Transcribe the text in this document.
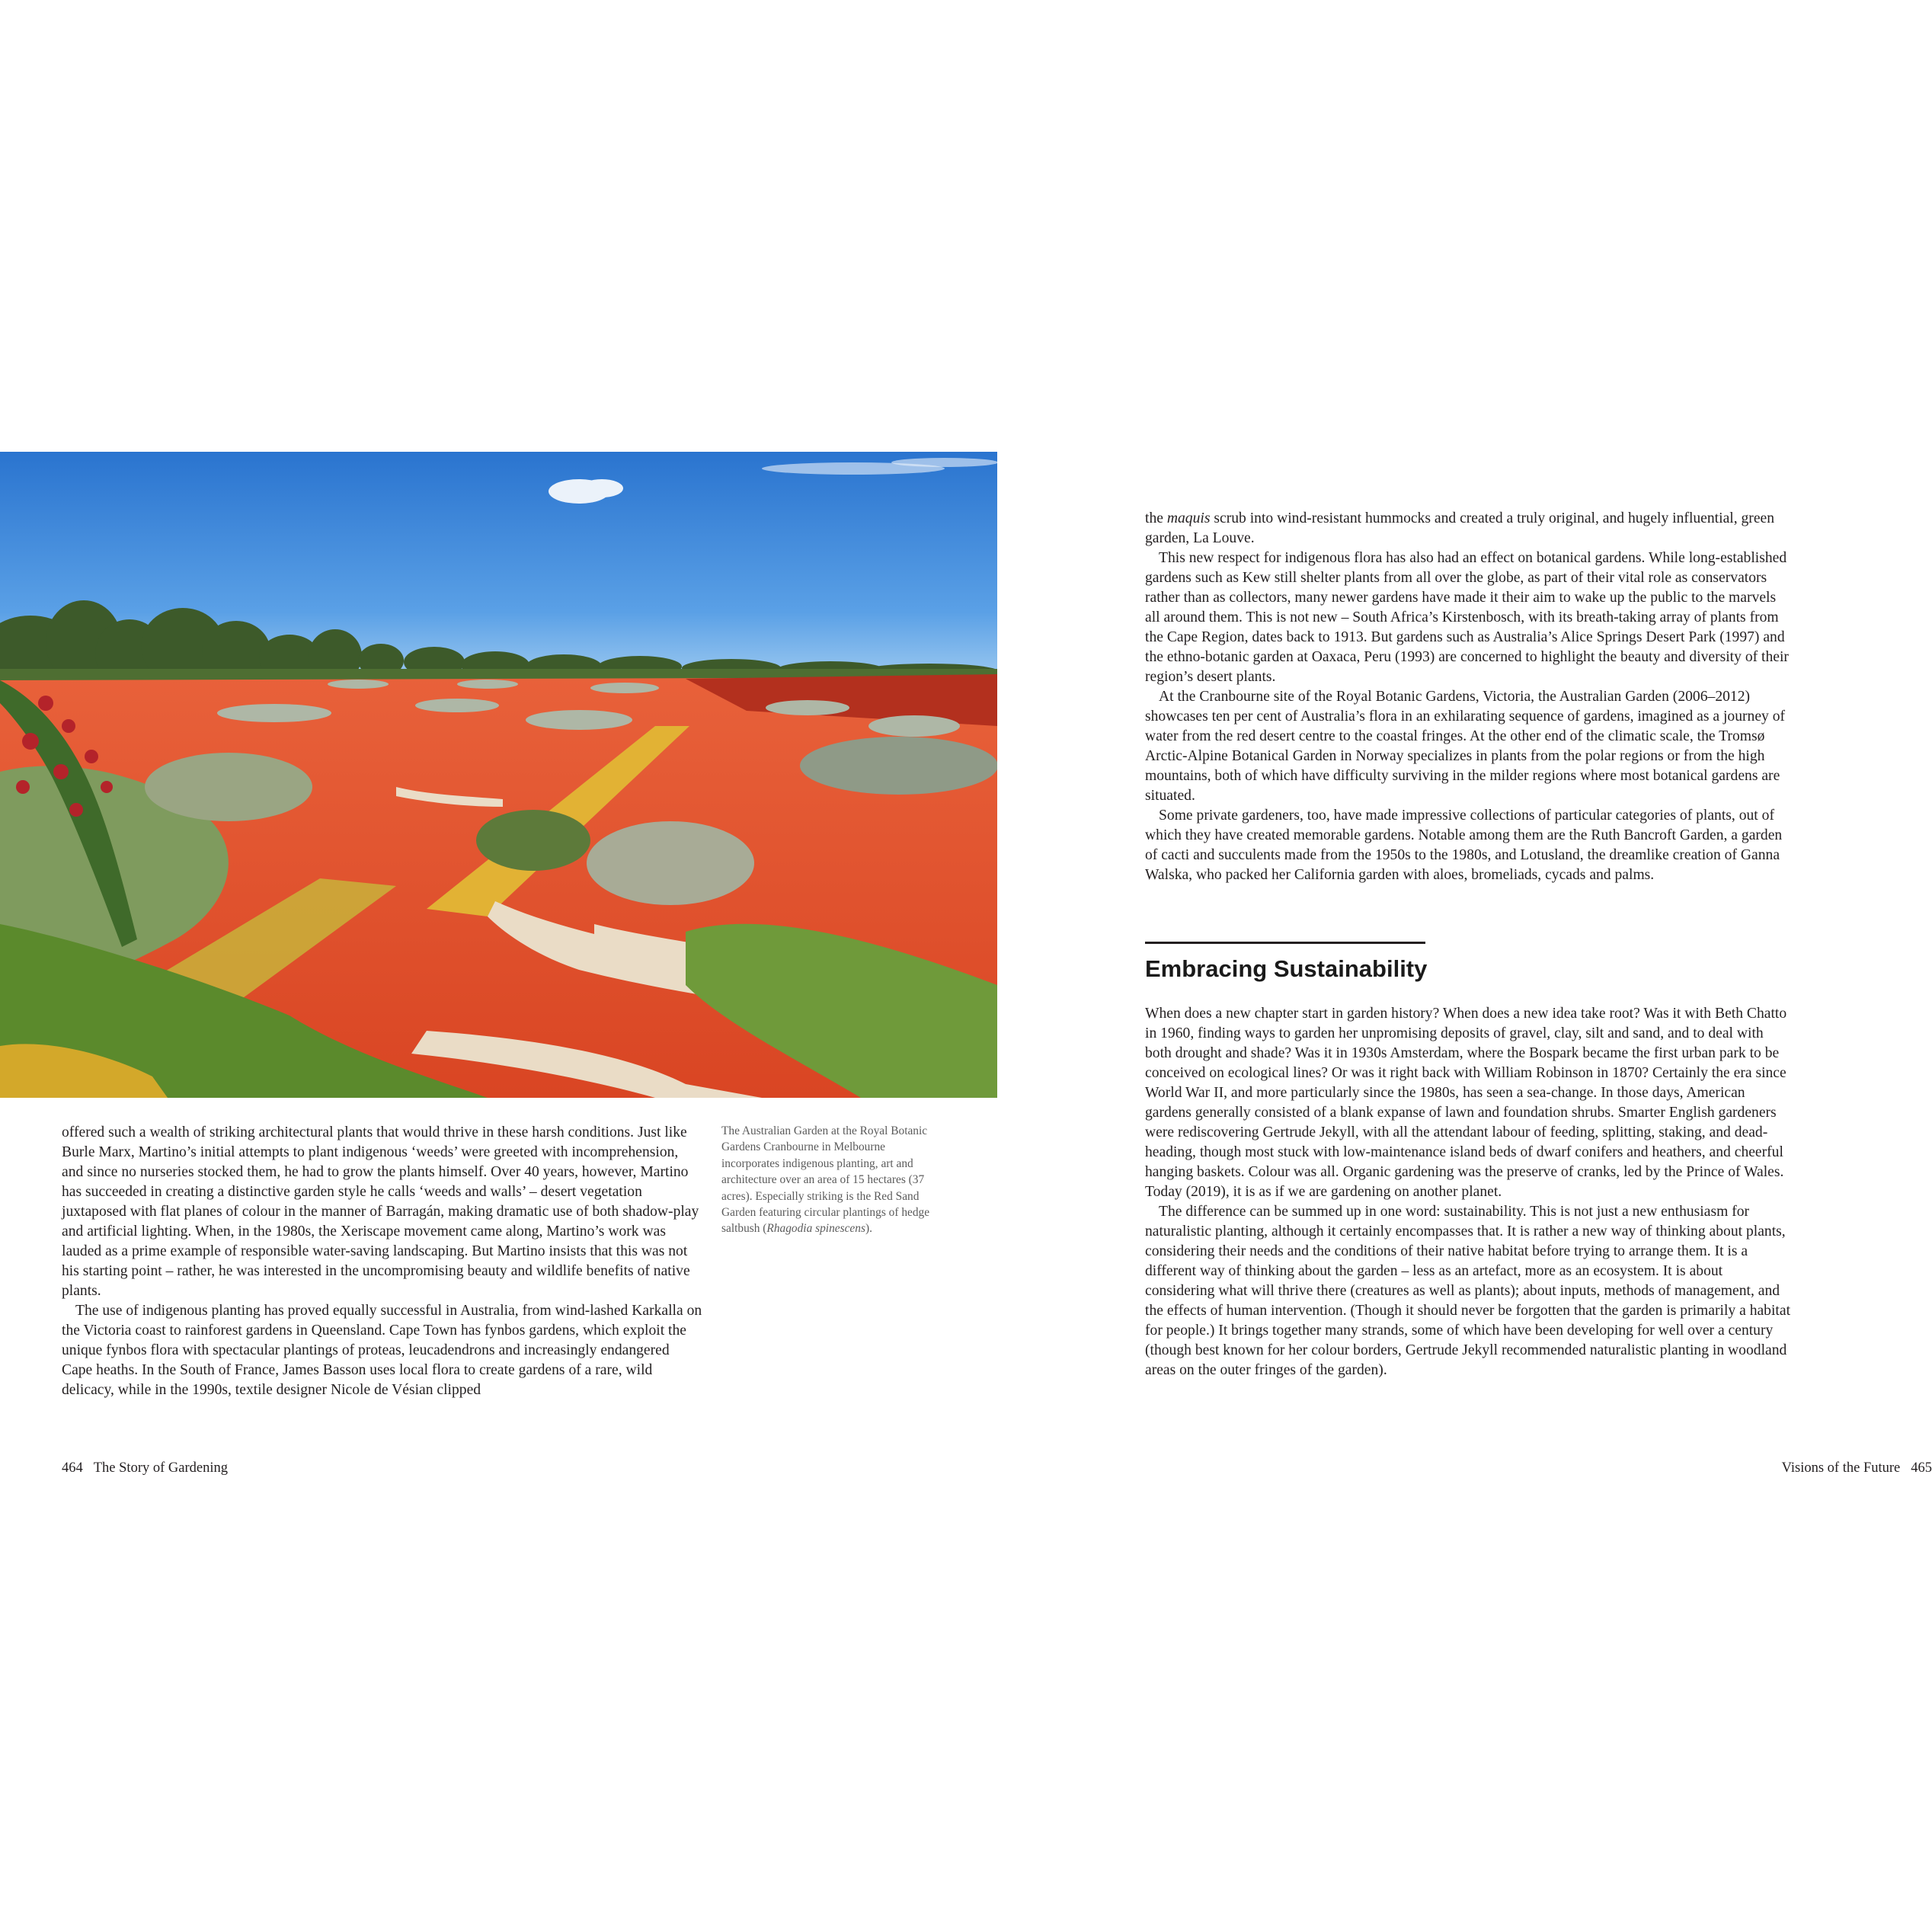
offered such a wealth of striking architectural plants that would thrive in these harsh conditions. Just like Burle Marx, Martino’s initial attempts to plant indigenous ‘weeds’ were greeted with incomprehension, and since no nurseries stocked them, he had to grow the plants himself. Over 40 years, however, Martino has succeeded in creating a distinctive garden style he calls ‘weeds and walls’ – desert vegetation juxtaposed with flat planes of colour in the manner of Barragán, making dramatic use of both shadow-play and artificial lighting. When, in the 1980s, the Xeriscape movement came along, Martino’s work was lauded as a prime example of responsible water-saving landscaping. But Martino insists that this was not his starting point – rather, he was interested in the uncompromising beauty and wildlife benefits of native plants.

The use of indigenous planting has proved equally successful in Australia, from wind-lashed Karkalla on the Victoria coast to rainforest gardens in Queensland. Cape Town has fynbos gardens, which exploit the unique fynbos flora with spectacular plantings of proteas, leucadendrons and increasingly endangered Cape heaths. In the South of France, James Basson uses local flora to create gardens of a rare, wild delicacy, while in the 1990s, textile designer Nicole de Vésian clipped

The Australian Garden at the Royal Botanic Gardens Cranbourne in Melbourne incorporates indigenous planting, art and architecture over an area of 15 hectares (37 acres). Especially striking is the Red Sand Garden featuring circular plantings of hedge saltbush (Rhagodia spinescens).

the maquis scrub into wind-resistant hummocks and created a truly original, and hugely influential, green garden, La Louve.

This new respect for indigenous flora has also had an effect on botanical gardens. While long-established gardens such as Kew still shelter plants from all over the globe, as part of their vital role as conservators rather than as collectors, many newer gardens have made it their aim to wake up the public to the marvels all around them. This is not new – South Africa’s Kirstenbosch, with its breath-taking array of plants from the Cape Region, dates back to 1913. But gardens such as Australia’s Alice Springs Desert Park (1997) and the ethno-botanic garden at Oaxaca, Peru (1993) are concerned to highlight the beauty and diversity of their region’s desert plants.

At the Cranbourne site of the Royal Botanic Gardens, Victoria, the Australian Garden (2006–2012) showcases ten per cent of Australia’s flora in an exhilarating sequence of gardens, imagined as a journey of water from the red desert centre to the coastal fringes. At the other end of the climatic scale, the Tromsø Arctic-Alpine Botanical Garden in Norway specializes in plants from the polar regions or from the high mountains, both of which have difficulty surviving in the milder regions where most botanical gardens are situated.

Some private gardeners, too, have made impressive collections of particular categories of plants, out of which they have created memorable gardens. Notable among them are the Ruth Bancroft Garden, a garden of cacti and succulents made from the 1950s to the 1980s, and Lotusland, the dreamlike creation of Ganna Walska, who packed her California garden with aloes, bromeliads, cycads and palms.

Embracing Sustainability

When does a new chapter start in garden history? When does a new idea take root? Was it with Beth Chatto in 1960, finding ways to garden her unpromising deposits of gravel, clay, silt and sand, and to deal with both drought and shade? Was it in 1930s Amsterdam, where the Bospark became the first urban park to be conceived on ecological lines? Or was it right back with William Robinson in 1870? Certainly the era since World War II, and more particularly since the 1980s, has seen a sea-change. In those days, American gardens generally consisted of a blank expanse of lawn and foundation shrubs. Smarter English gardeners were rediscovering Gertrude Jekyll, with all the attendant labour of feeding, splitting, staking, and dead-heading, though most stuck with low-maintenance island beds of dwarf conifers and heathers, and cheerful hanging baskets. Colour was all. Organic gardening was the preserve of cranks, led by the Prince of Wales. Today (2019), it is as if we are gardening on another planet.

The difference can be summed up in one word: sustainability. This is not just a new enthusiasm for naturalistic planting, although it certainly encompasses that. It is rather a new way of thinking about plants, considering their needs and the conditions of their native habitat before trying to arrange them. It is a different way of thinking about the garden – less as an artefact, more as an ecosystem. It is about considering what will thrive there (creatures as well as plants); about inputs, methods of management, and the effects of human intervention. (Though it should never be forgotten that the garden is primarily a habitat for people.) It brings together many strands, some of which have been developing for well over a century (though best known for her colour borders, Gertrude Jekyll recommended naturalistic planting in woodland areas on the outer fringes of the garden).

464 The Story of Gardening	Visions of the Future 465
